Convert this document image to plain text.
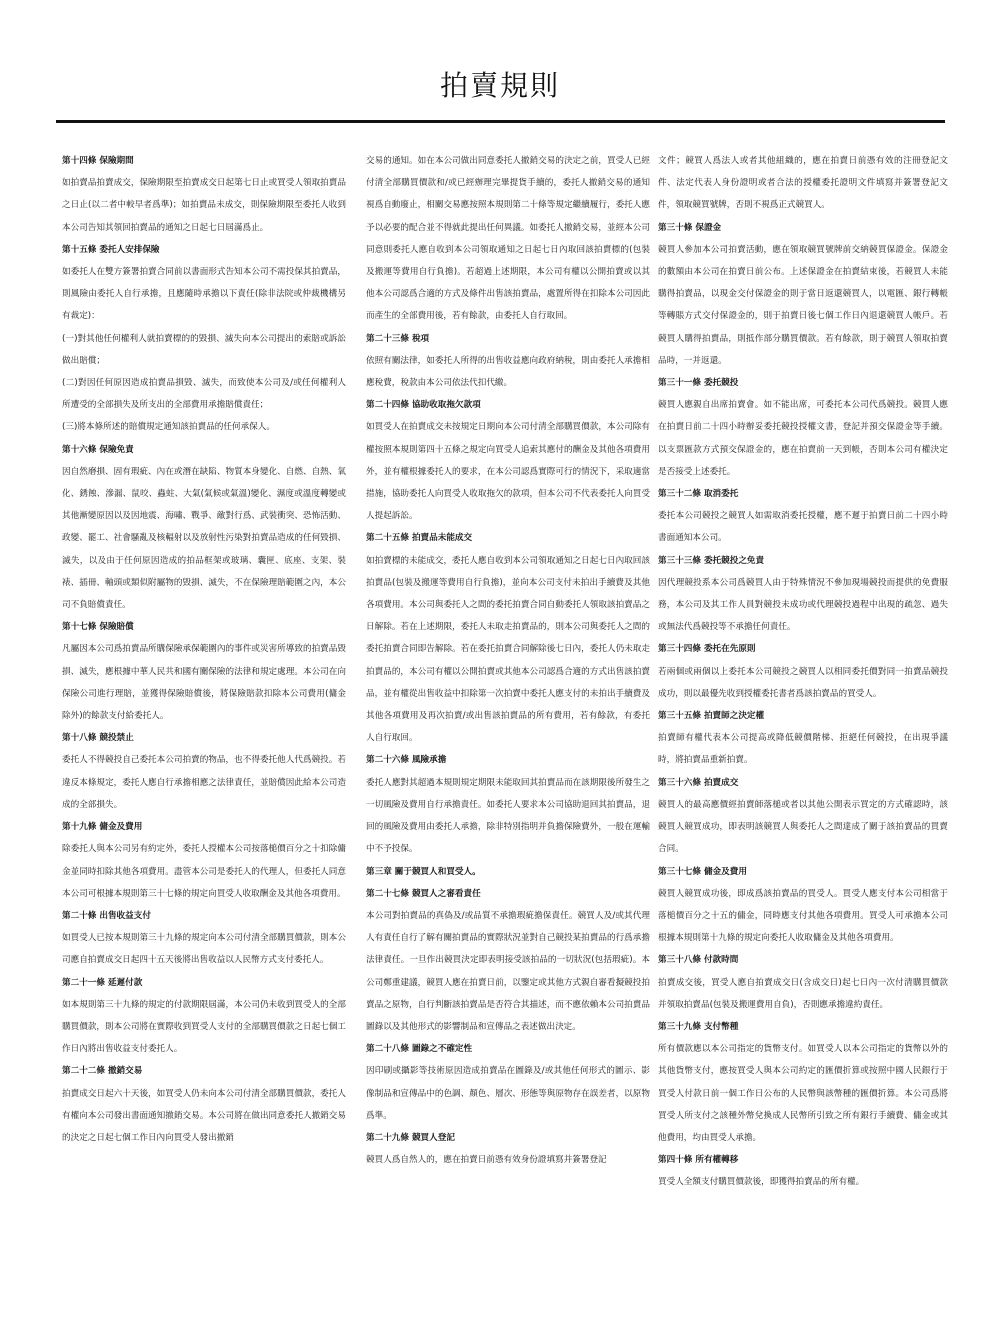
拍賣規則
第十四條 保險期間

如拍賣品拍賣成交，保險期限至拍賣成交日起第七日止或買受人領取拍賣品之日止(以二者中較早者爲準)；如拍賣品未成交，則保險期限至委托人收到本公司告知其領回拍賣品的通知之日起七日屆滿爲止。

第十五條 委托人安排保險

如委托人在雙方簽署拍賣合同前以書面形式告知本公司不需投保其拍賣品，則風險由委托人自行承擔，且應隨時承擔以下責任(除非法院或仲裁機構另有裁定)：

(一)對其他任何權利人就拍賣標的的毀損、滅失向本公司提出的索賠或訴訟做出賠償；

(二)對因任何原因造成拍賣品損毀、滅失，而致使本公司及/或任何權利人所遭受的全部損失及所支出的全部費用承擔賠償責任；

(三)將本條所述的賠償規定通知該拍賣品的任何承保人。

第十六條 保險免責

因自然磨損、固有瑕疵、內在或潛在缺陷、物質本身變化、自燃、自熱、氧化、銹蝕、滲漏、鼠咬、蟲蛀、大氣(氣候或氣溫)變化、濕度或溫度轉變或其他漸變原因以及因地震、海嘯、戰爭、敵對行爲、武裝衝突、恐怖活動、政變、罷工、社會騷亂及核輻射以及放射性污染對拍賣品造成的任何毀損、滅失，以及由于任何原因造成的拍品框架或玻璃、囊匣、底座、支架、裝裱、插冊、軸頭或類似附屬物的毀損、滅失，不在保險理賠範圍之內，本公司不負賠償責任。

第十七條 保險賠償

凡屬因本公司爲拍賣品所購保險承保範圍內的事件或災害所導致的拍賣品毀損、滅失，應根據中華人民共和國有關保險的法律和規定處理。本公司在向保險公司進行理賠，並獲得保險賠償後，將保險賠款扣除本公司費用(傭金除外)的餘款支付給委托人。

第十八條 競投禁止

委托人不得競投自己委托本公司拍賣的物品，也不得委托他人代爲競投。若違反本條規定，委托人應自行承擔相應之法律責任，並賠償因此給本公司造成的全部損失。

第十九條 傭金及費用

除委托人與本公司另有約定外，委托人授權本公司按落槌價百分之十扣除傭金並同時扣除其他各項費用。盡管本公司是委托人的代理人，但委托人同意本公司可根據本規則第三十七條的規定向買受人收取酬金及其他各項費用。

第二十條 出售收益支付

如買受人已按本規則第三十九條的規定向本公司付清全部購買價款，則本公司應自拍賣成交日起四十五天後將出售收益以人民幣方式支付委托人。

第二十一條 延遲付款

如本規則第三十九條的規定的付款期限屆滿，本公司仍未收到買受人的全部購買價款，則本公司將在實際收到買受人支付的全部購買價款之日起七個工作日內將出售收益支付委托人。

第二十二條 撤銷交易

拍賣成交日起六十天後，如買受人仍未向本公司付清全部購買價款，委托人有權向本公司發出書面通知撤銷交易。本公司將在做出同意委托人撤銷交易的決定之日起七個工作日內向買受人發出撤銷

交易的通知。如在本公司做出同意委托人撤銷交易的決定之前，買受人已經付清全部購買價款和/或已經辦理完畢提貨手續的，委托人撤銷交易的通知視爲自動廢止，相關交易應按照本規則第二十條等規定繼續履行，委托人應予以必要的配合並不得就此提出任何異議。如委托人撤銷交易，並經本公司同意則委托人應自收到本公司領取通知之日起七日內取回該拍賣標的(包裝及搬運等費用自行負擔)。若超過上述期限，本公司有權以公開拍賣或以其他本公司認爲合適的方式及條件出售該拍賣品，處置所得在扣除本公司因此而產生的全部費用後，若有餘款，由委托人自行取回。

第二十三條 稅項

依照有關法律，如委托人所得的出售收益應向政府納稅，則由委托人承擔相應稅費，稅款由本公司依法代扣代繳。

第二十四條 協助收取拖欠款項

如買受人在拍賣成交未按規定日期向本公司付清全部購買價款，本公司除有權按照本規則第四十五條之規定向買受人追索其應付的酬金及其他各項費用外，並有權根據委托人的要求，在本公司認爲實際可行的情況下，采取適當措施，協助委托人向買受人收取拖欠的款項，但本公司不代表委托人向買受人提起訴訟。

第二十五條 拍賣品未能成交

如拍賣標的未能成交，委托人應自收到本公司領取通知之日起七日內取回該拍賣品(包裝及搬運等費用自行負擔)，並向本公司支付未拍出手續費及其他各項費用。本公司與委托人之間的委托拍賣合同自動委托人領取該拍賣品之日解除。若在上述期限，委托人未取走拍賣品的，則本公司與委托人之間的委托拍賣合同即告解除。若在委托拍賣合同解除後七日內，委托人仍未取走拍賣品的，本公司有權以公開拍賣或其他本公司認爲合適的方式出售該拍賣品，並有權從出售收益中扣除第一次拍賣中委托人應支付的未拍出手續費及其他各項費用及再次拍賣/或出售該拍賣品的所有費用，若有餘款，有委托人自行取回。

第二十六條 風險承擔

委托人應對其超過本規則規定期限未能取回其拍賣品而在該期限後所發生之一切風險及費用自行承擔責任。如委托人要求本公司協助退回其拍賣品，退回的風險及費用由委托人承擔，除非特別指明并負擔保險費外，一般在運輸中不予投保。

第三章 關于競買人和買受人。
第二十七條 競買人之審看責任

本公司對拍賣品的真偽及/或品質不承擔瑕疵擔保責任。競買人及/或其代理人有責任自行了解有關拍賣品的實際狀況並對自己競投某拍賣品的行爲承擔法律責任。一旦作出競買決定即表明接受該拍品的一切狀況(包括瑕疵)。本公司鄭重建議，競買人應在拍賣日前，以鑒定或其他方式親自審看擬競投拍賣品之原物，自行判斷該拍賣品是否符合其描述，而不應依賴本公司拍賣品圖錄以及其他形式的影響制品和宣傳品之表述做出決定。

第二十八條 圖錄之不確定性

因印刷或攝影等技術原因造成拍賣品在圖錄及/或其他任何形式的圖示、影像制品和宣傳品中的色調、顏色、層次、形態等與原物存在誤差者，以原物爲準。

第二十九條 競買人登記

競買人爲自然人的，應在拍賣日前憑有效身份證填寫并簽署登記

文件；競買人爲法人或者其他組織的，應在拍賣日前憑有效的注冊登記文件、法定代表人身份證明或者合法的授權委托證明文件填寫并簽署登記文件，領取競買號牌，否則不視爲正式競買人。

第三十條 保證金

競買人參加本公司拍賣活動，應在領取競買號牌前交納競買保證金。保證金的數額由本公司在拍賣日前公布。上述保證金在拍賣結束後，若競買人未能購得拍賣品，以現金交付保證金的則于當日返還競買人，以電匯、銀行轉帳等轉賬方式交付保證金的，則于拍賣日後七個工作日內退還競買人帳戶。若競買人購得拍賣品，則抵作部分購買價款。若有餘款，則于競買人領取拍賣品時，一并返還。

第三十一條 委托競投

競買人應親自出席拍賣會。如不能出席，可委托本公司代爲競投。競買人應在拍賣日前二十四小時辦妥委托競投授權文書，登記并預交保證金等手續。以支票匯款方式預交保證金的，應在拍賣前一天到帳，否則本公司有權決定是否接受上述委托。

第三十二條 取消委托

委托本公司競投之競買人如需取消委托授權，應不遲于拍賣日前二十四小時書面通知本公司。

第三十三條 委托競投之免責

因代理競投系本公司爲競買人由于特殊情況不參加現場競投而提供的免費服務，本公司及其工作人員對競投未成功或代理競投過程中出現的疏忽、過失或無法代爲競投等不承擔任何責任。

第三十四條 委托在先原則

若兩個或兩個以上委托本公司競投之競買人以相同委托價對同一拍賣品競投成功，則以最優先收到授權委托書者爲該拍賣品的買受人。

第三十五條 拍賣師之決定權

拍賣師有權代表本公司提高或降低競價階梯、拒絕任何競投，在出現爭議時，將拍賣品重新拍賣。

第三十六條 拍賣成交

競買人的最高應價經拍賣師落槌或者以其他公開表示買定的方式確認時，該競買人競買成功，即表明該競買人與委托人之間達成了關于該拍賣品的買賣合同。

第三十七條 傭金及費用

競買人競買成功後，即成爲該拍賣品的買受人。買受人應支付本公司相當于落槌價百分之十五的傭金，同時應支付其他各項費用。買受人可承擔本公司根據本規則第十九條的規定向委托人收取傭金及其他各項費用。

第三十八條 付款時間

拍賣成交後，買受人應自拍賣成交日(含成交日)起七日內一次付清購買價款并領取拍賣品(包裝及搬運費用自負)，否則應承擔違約責任。

第三十九條 支付幣種

所有價款應以本公司指定的貨幣支付。如買受人以本公司指定的貨幣以外的其他貨幣支付，應按買受人與本公司約定的匯價折算或按照中國人民銀行于買受人付款日前一個工作日公布的人民幣與該幣種的匯價折算。本公司爲將買受人所支付之該種外幣兌換成人民幣所引致之所有銀行手續費、傭金或其他費用，均由買受人承擔。

第四十條 所有權轉移

買受人全額支付購買價款後，即獲得拍賣品的所有權。
